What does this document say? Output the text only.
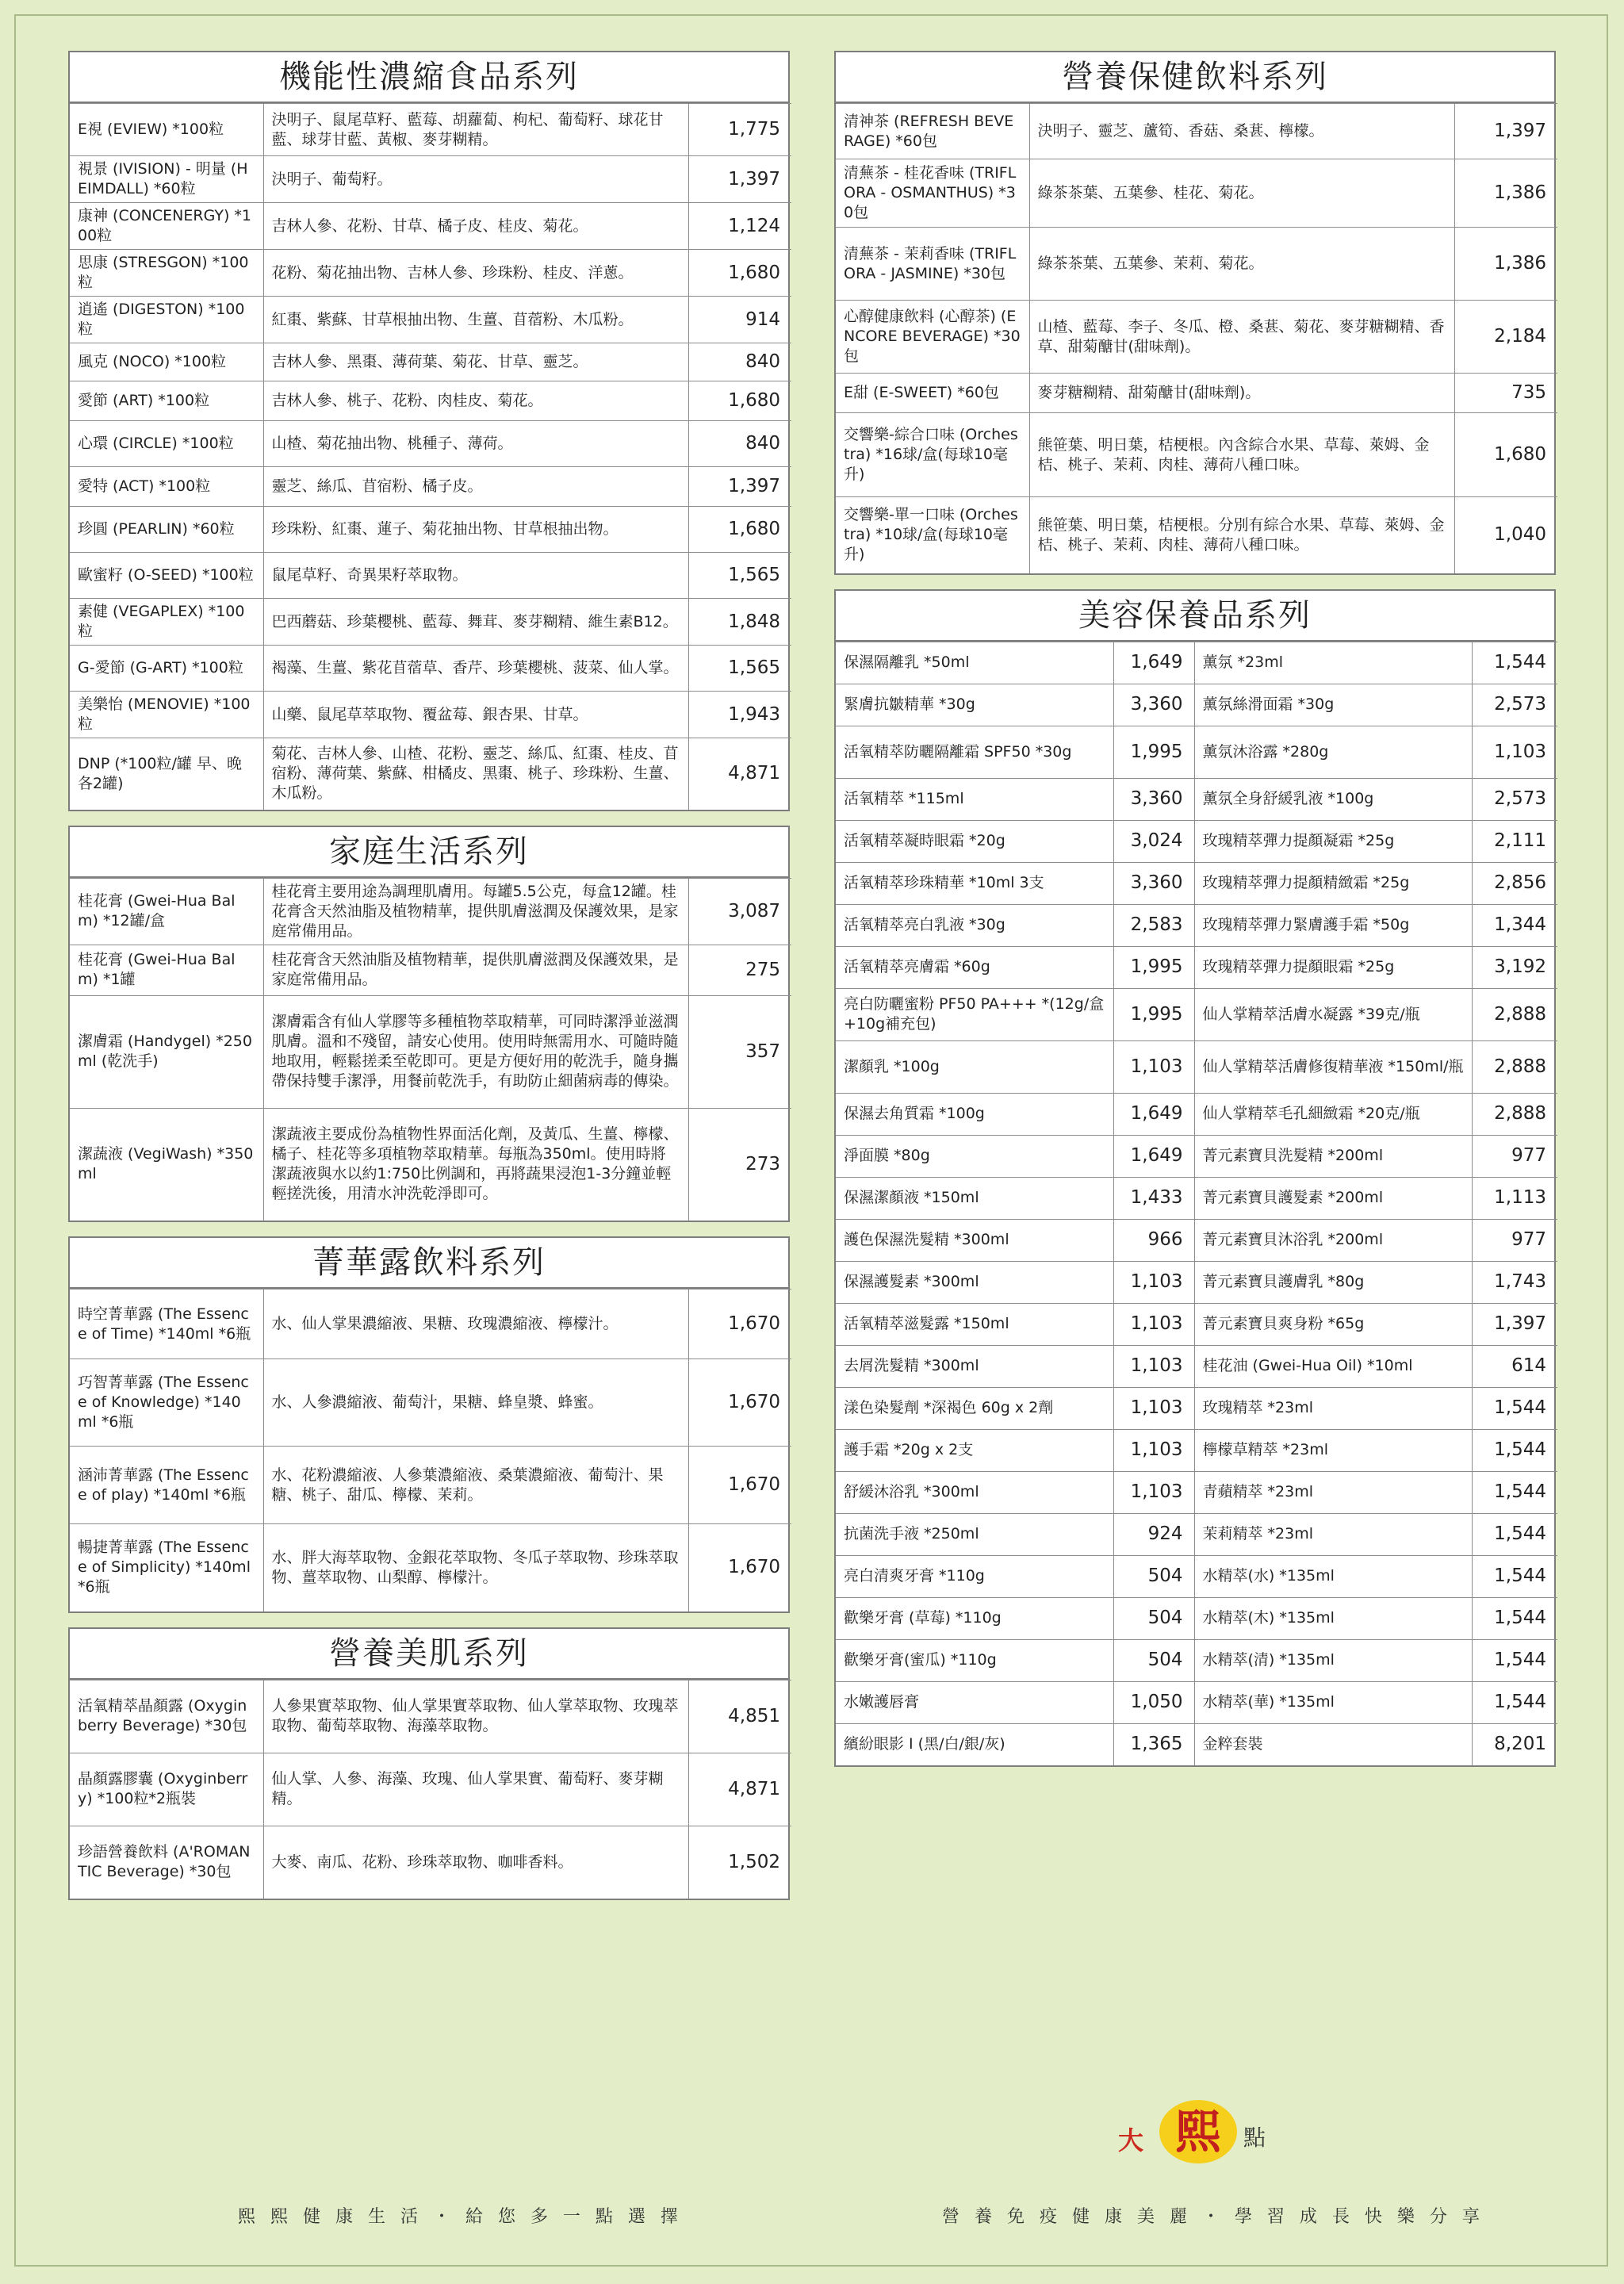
機能性濃縮食品系列
E視 (EVIEW) *100粒	決明子、鼠尾草籽、藍莓、胡蘿蔔、枸杞、葡萄籽、球花甘藍、球芽甘藍、黃椒、麥芽糊精。	1,775
視景 (IVISION) - 明量 (HEIMDALL) *60粒	決明子、葡萄籽。	1,397
康神 (CONCENERGY) *100粒	吉林人參、花粉、甘草、橘子皮、桂皮、菊花。	1,124
思康 (STRESGON) *100粒	花粉、菊花抽出物、吉林人參、珍珠粉、桂皮、洋蔥。	1,680
逍遙 (DIGESTON) *100粒	紅棗、紫蘇、甘草根抽出物、生薑、苜蓿粉、木瓜粉。	914
風克 (NOCO) *100粒	吉林人參、黑棗、薄荷葉、菊花、甘草、靈芝。	840
愛節 (ART) *100粒	吉林人參、桃子、花粉、肉桂皮、菊花。	1,680
心環 (CIRCLE) *100粒	山楂、菊花抽出物、桃種子、薄荷。	840
愛特 (ACT) *100粒	靈芝、絲瓜、苜宿粉、橘子皮。	1,397
珍圓 (PEARLIN) *60粒	珍珠粉、紅棗、蓮子、菊花抽出物、甘草根抽出物。	1,680
歐蜜籽 (O-SEED) *100粒	鼠尾草籽、奇異果籽萃取物。	1,565
素健 (VEGAPLEX) *100粒	巴西蘑菇、珍葉櫻桃、藍莓、舞茸、麥芽糊精、維生素B12。	1,848
G-愛節 (G-ART) *100粒	褐藻、生薑、紫花苜蓿草、香芹、珍葉櫻桃、菠菜、仙人掌。	1,565
美樂怡 (MENOVIE) *100粒	山藥、鼠尾草萃取物、覆盆莓、銀杏果、甘草。	1,943
DNP (*100粒/罐 早、晚各2罐)	菊花、吉林人參、山楂、花粉、靈芝、絲瓜、紅棗、桂皮、苜宿粉、薄荷葉、紫蘇、柑橘皮、黑棗、桃子、珍珠粉、生薑、木瓜粉。	4,871
家庭生活系列
桂花膏 (Gwei-Hua Balm) *12罐/盒	桂花膏主要用途為調理肌膚用。每罐5.5公克，每盒12罐。桂花膏含天然油脂及植物精華，提供肌膚滋潤及保護效果，是家庭常備用品。	3,087
桂花膏 (Gwei-Hua Balm) *1罐	桂花膏含天然油脂及植物精華，提供肌膚滋潤及保護效果，是家庭常備用品。	275
潔膚霜 (Handygel) *250ml (乾洗手)	潔膚霜含有仙人掌膠等多種植物萃取精華，可同時潔淨並滋潤肌膚。溫和不殘留，請安心使用。使用時無需用水、可隨時隨地取用，輕鬆搓柔至乾即可。更是方便好用的乾洗手，隨身攜帶保持雙手潔淨，用餐前乾洗手，有助防止細菌病毒的傳染。	357
潔蔬液 (VegiWash) *350ml	潔蔬液主要成份為植物性界面活化劑，及黃瓜、生薑、檸檬、橘子、桂花等多項植物萃取精華。每瓶為350ml。使用時將潔蔬液與水以約1:750比例調和，再將蔬果浸泡1-3分鐘並輕輕搓洗後，用清水沖洗乾淨即可。	273
菁華露飲料系列
時空菁華露 (The Essence of Time) *140ml *6瓶	水、仙人掌果濃縮液、果糖、玫瑰濃縮液、檸檬汁。	1,670
巧智菁華露 (The Essence of Knowledge) *140ml *6瓶	水、人參濃縮液、葡萄汁，果糖、蜂皇漿、蜂蜜。	1,670
涵沛菁華露 (The Essence of play) *140ml *6瓶	水、花粉濃縮液、人參葉濃縮液、桑葉濃縮液、葡萄汁、果糖、桃子、甜瓜、檸檬、茉莉。	1,670
暢捷菁華露 (The Essence of Simplicity) *140ml *6瓶	水、胖大海萃取物、金銀花萃取物、冬瓜子萃取物、珍珠萃取物、薑萃取物、山梨醇、檸檬汁。	1,670
營養美肌系列
活氧精萃晶顏露 (Oxyginberry Beverage) *30包	人參果實萃取物、仙人掌果實萃取物、仙人掌萃取物、玫瑰萃取物、葡萄萃取物、海藻萃取物。	4,851
晶顏露膠囊 (Oxyginberry) *100粒*2瓶裝	仙人掌、人參、海藻、玫瑰、仙人掌果實、葡萄籽、麥芽糊精。	4,871
珍語營養飲料 (A'ROMANTIC Beverage) *30包	大麥、南瓜、花粉、珍珠萃取物、咖啡香料。	1,502
營養保健飲料系列
清神茶 (REFRESH BEVERAGE) *60包	決明子、靈芝、蘆筍、香菇、桑葚、檸檬。	1,397
清蕪茶 - 桂花香味 (TRIFLORA - OSMANTHUS) *30包	綠茶茶葉、五葉參、桂花、菊花。	1,386
清蕪茶 - 茉莉香味 (TRIFLORA - JASMINE) *30包	綠茶茶葉、五葉參、茉莉、菊花。	1,386
心醇健康飲料 (心醇茶) (ENCORE BEVERAGE) *30包	山楂、藍莓、李子、冬瓜、橙、桑葚、菊花、麥芽糖糊精、香草、甜菊醣甘(甜味劑)。	2,184
E甜 (E-SWEET) *60包	麥芽糖糊精、甜菊醣甘(甜味劑)。	735
交響樂-綜合口味 (Orchestra) *16球/盒(每球10毫升)	熊笹葉、明日葉，桔梗根。內含綜合水果、草莓、萊姆、金桔、桃子、茉莉、肉桂、薄荷八種口味。	1,680
交響樂-單一口味 (Orchestra) *10球/盒(每球10毫升)	熊笹葉、明日葉，桔梗根。分別有綜合水果、草莓、萊姆、金桔、桃子、茉莉、肉桂、薄荷八種口味。	1,040
美容保養品系列
保濕隔離乳 *50ml	1,649	薰氛 *23ml	1,544
緊膚抗皺精華 *30g	3,360	薰氛絲滑面霜 *30g	2,573
活氧精萃防曬隔離霜 SPF50 *30g	1,995	薰氛沐浴露 *280g	1,103
活氧精萃 *115ml	3,360	薰氛全身舒緩乳液 *100g	2,573
活氧精萃凝時眼霜 *20g	3,024	玫瑰精萃彈力提顏凝霜 *25g	2,111
活氧精萃珍珠精華 *10ml 3支	3,360	玫瑰精萃彈力提顏精緻霜 *25g	2,856
活氧精萃亮白乳液 *30g	2,583	玫瑰精萃彈力緊膚護手霜 *50g	1,344
活氧精萃亮膚霜 *60g	1,995	玫瑰精萃彈力提顏眼霜 *25g	3,192
亮白防曬蜜粉 PF50 PA+++ *(12g/盒+10g補充包)	1,995	仙人掌精萃活膚水凝露 *39克/瓶	2,888
潔顏乳 *100g	1,103	仙人掌精萃活膚修復精華液 *150ml/瓶	2,888
保濕去角質霜 *100g	1,649	仙人掌精萃毛孔細緻霜 *20克/瓶	2,888
淨面膜 *80g	1,649	菁元素寶貝洗髮精 *200ml	977
保濕潔顏液 *150ml	1,433	菁元素寶貝護髮素 *200ml	1,113
護色保濕洗髮精 *300ml	966	菁元素寶貝沐浴乳 *200ml	977
保濕護髮素 *300ml	1,103	菁元素寶貝護膚乳 *80g	1,743
活氧精萃滋髮露 *150ml	1,103	菁元素寶貝爽身粉 *65g	1,397
去屑洗髮精 *300ml	1,103	桂花油 (Gwei-Hua Oil) *10ml	614
漾色染髮劑 *深褐色 60g x 2劑	1,103	玫瑰精萃 *23ml	1,544
護手霜 *20g x 2支	1,103	檸檬草精萃 *23ml	1,544
舒緩沐浴乳 *300ml	1,103	青蘋精萃 *23ml	1,544
抗菌洗手液 *250ml	924	茉莉精萃 *23ml	1,544
亮白清爽牙膏 *110g	504	水精萃(水) *135ml	1,544
歡樂牙膏 (草莓) *110g	504	水精萃(木) *135ml	1,544
歡樂牙膏(蜜瓜) *110g	504	水精萃(清) *135ml	1,544
水嫩護唇膏	1,050	水精萃(華) *135ml	1,544
繽紛眼影 I (黑/白/銀/灰)	1,365	金粹套裝	8,201
大 熙	點
熙 熙 健 康 生 活 ・ 給 您 多 一 點 選 擇	營 養 免 疫 健 康 美 麗 ・ 學 習 成 長 快 樂 分 享
